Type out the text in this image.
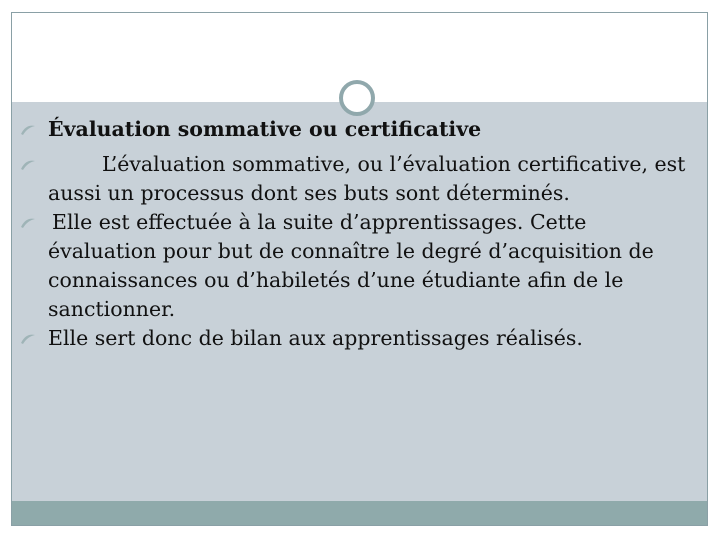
Évaluation sommative ou certificative
L’évaluation sommative, ou l’évaluation certificative, est aussi un processus dont ses buts sont déterminés.
Elle est effectuée à la suite d’apprentissages. Cette évaluation pour but de connaître le degré d’acquisition de connaissances ou d’habiletés d’une étudiante afin de le sanctionner.
Elle sert donc de bilan aux apprentissages réalisés.
